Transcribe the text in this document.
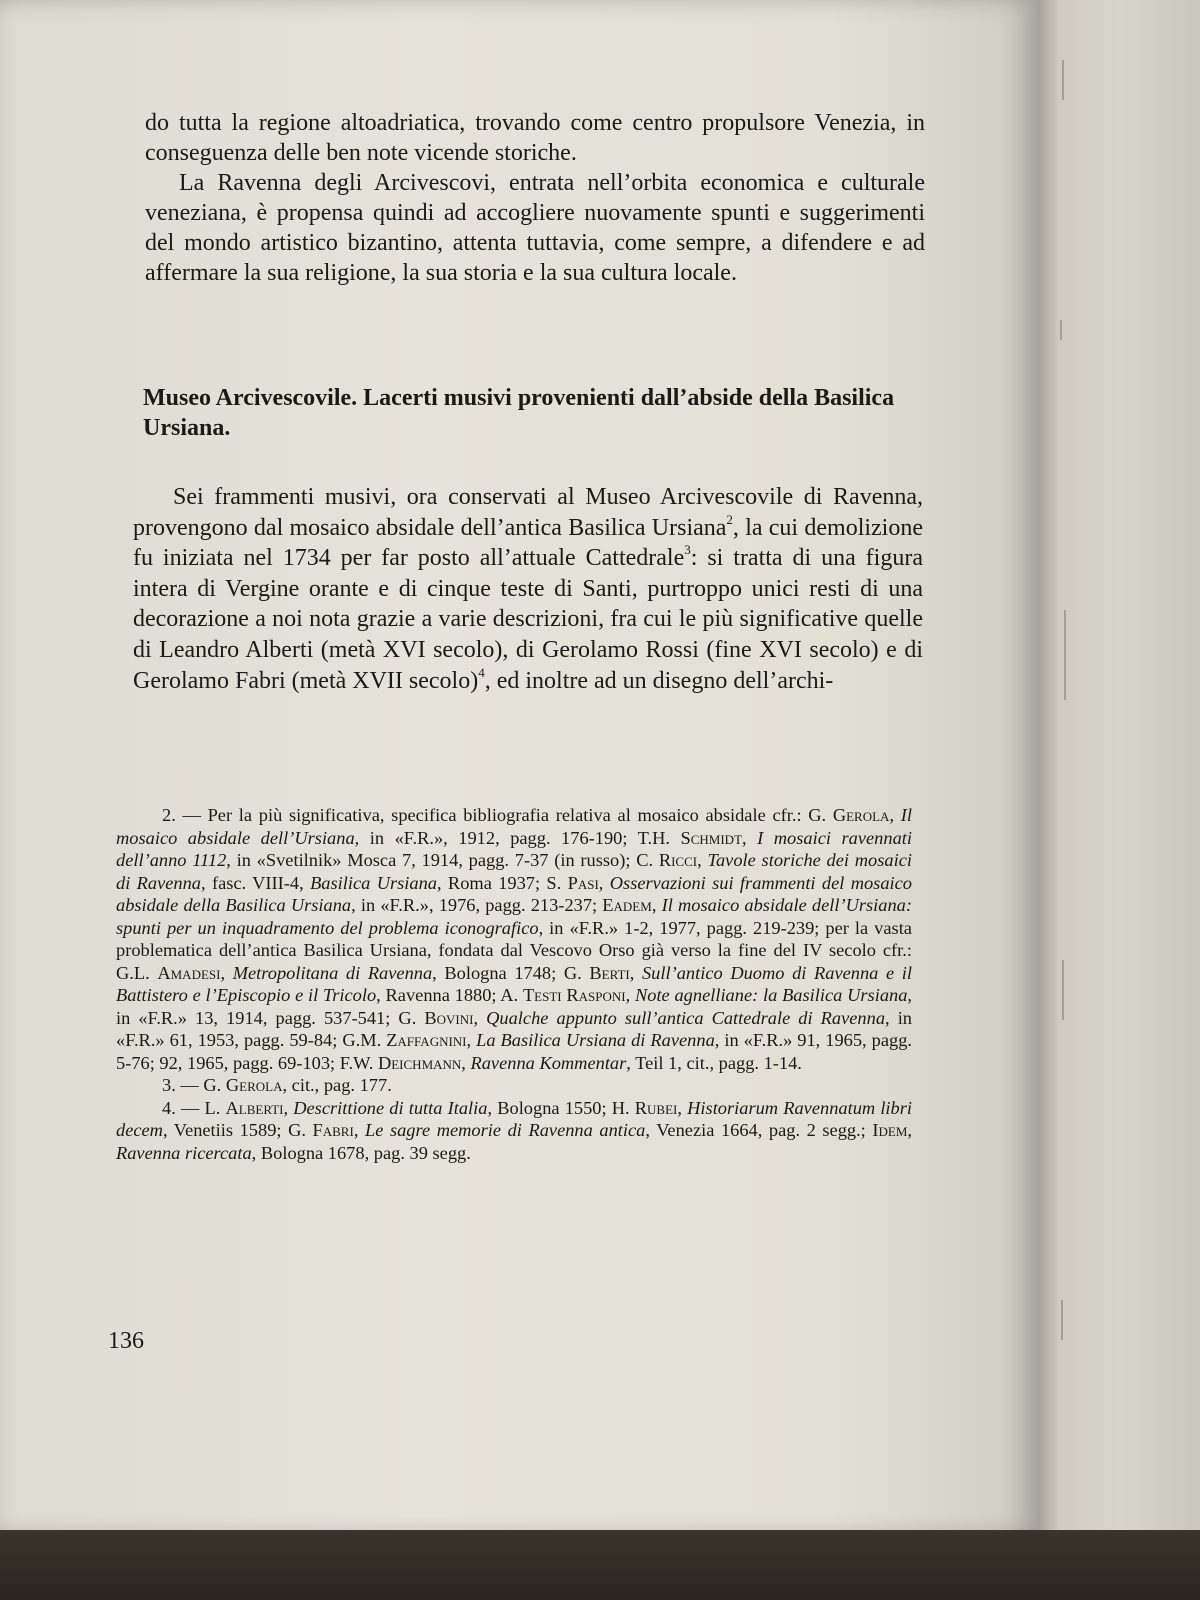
do tutta la regione altoadriatica, trovando come centro propulsore Venezia, in conseguenza delle ben note vicende storiche.

La Ravenna degli Arcivescovi, entrata nell’orbita economica e culturale veneziana, è propensa quindi ad accogliere nuovamente spunti e suggerimenti del mondo artistico bizantino, attenta tuttavia, come sempre, a difendere e ad affermare la sua religione, la sua storia e la sua cultura locale.

Museo Arcivescovile. Lacerti musivi provenienti dall’abside della Basilica Ursiana.

Sei frammenti musivi, ora conservati al Museo Arcivescovile di Ravenna, provengono dal mosaico absidale dell’antica Basilica Ursiana$^2$, la cui demolizione fu iniziata nel 1734 per far posto all’attuale Cattedrale$^3$: si tratta di una figura intera di Vergine orante e di cinque teste di Santi, purtroppo unici resti di una decorazione a noi nota grazie a varie descrizioni, fra cui le più significative quelle di Leandro Alberti (metà XVI secolo), di Gerolamo Rossi (fine XVI secolo) e di Gerolamo Fabri (metà XVII secolo)$^4$, ed inoltre ad un disegno dell’archi-

2. — Per la più significativa, specifica bibliografia relativa al mosaico absidale cfr.: G. Gerola, Il mosaico absidale dell’Ursiana, in «F.R.», 1912, pagg. 176-190; T.H. Schmidt, I mosaici ravennati dell’anno 1112, in «Svetilnik» Mosca 7, 1914, pagg. 7-37 (in russo); C. Ricci, Tavole storiche dei mosaici di Ravenna, fasc. VIII-4, Basilica Ursiana, Roma 1937; S. Pasi, Osservazioni sui frammenti del mosaico absidale della Basilica Ursiana, in «F.R.», 1976, pagg. 213-237; Eadem, Il mosaico absidale dell’Ursiana: spunti per un inquadramento del problema iconografico, in «F.R.» 1-2, 1977, pagg. 219-239; per la vasta problematica dell’antica Basilica Ursiana, fondata dal Vescovo Orso già verso la fine del IV secolo cfr.: G.L. Amadesi, Metropolitana di Ravenna, Bologna 1748; G. Berti, Sull’antico Duomo di Ravenna e il Battistero e l’Episcopio e il Tricolo, Ravenna 1880; A. Testi Rasponi, Note agnelliane: la Basilica Ursiana, in «F.R.» 13, 1914, pagg. 537-541; G. Bovini, Qualche appunto sull’antica Cattedrale di Ravenna, in «F.R.» 61, 1953, pagg. 59-84; G.M. Zaffagnini, La Basilica Ursiana di Ravenna, in «F.R.» 91, 1965, pagg. 5-76; 92, 1965, pagg. 69-103; F.W. Deichmann, Ravenna Kommentar, Teil 1, cit., pagg. 1-14.

3. — G. Gerola, cit., pag. 177.

4. — L. Alberti, Descrittione di tutta Italia, Bologna 1550; H. Rubei, Historiarum Ravennatum libri decem, Venetiis 1589; G. Fabri, Le sagre memorie di Ravenna antica, Venezia 1664, pag. 2 segg.; Idem, Ravenna ricercata, Bologna 1678, pag. 39 segg.

136
